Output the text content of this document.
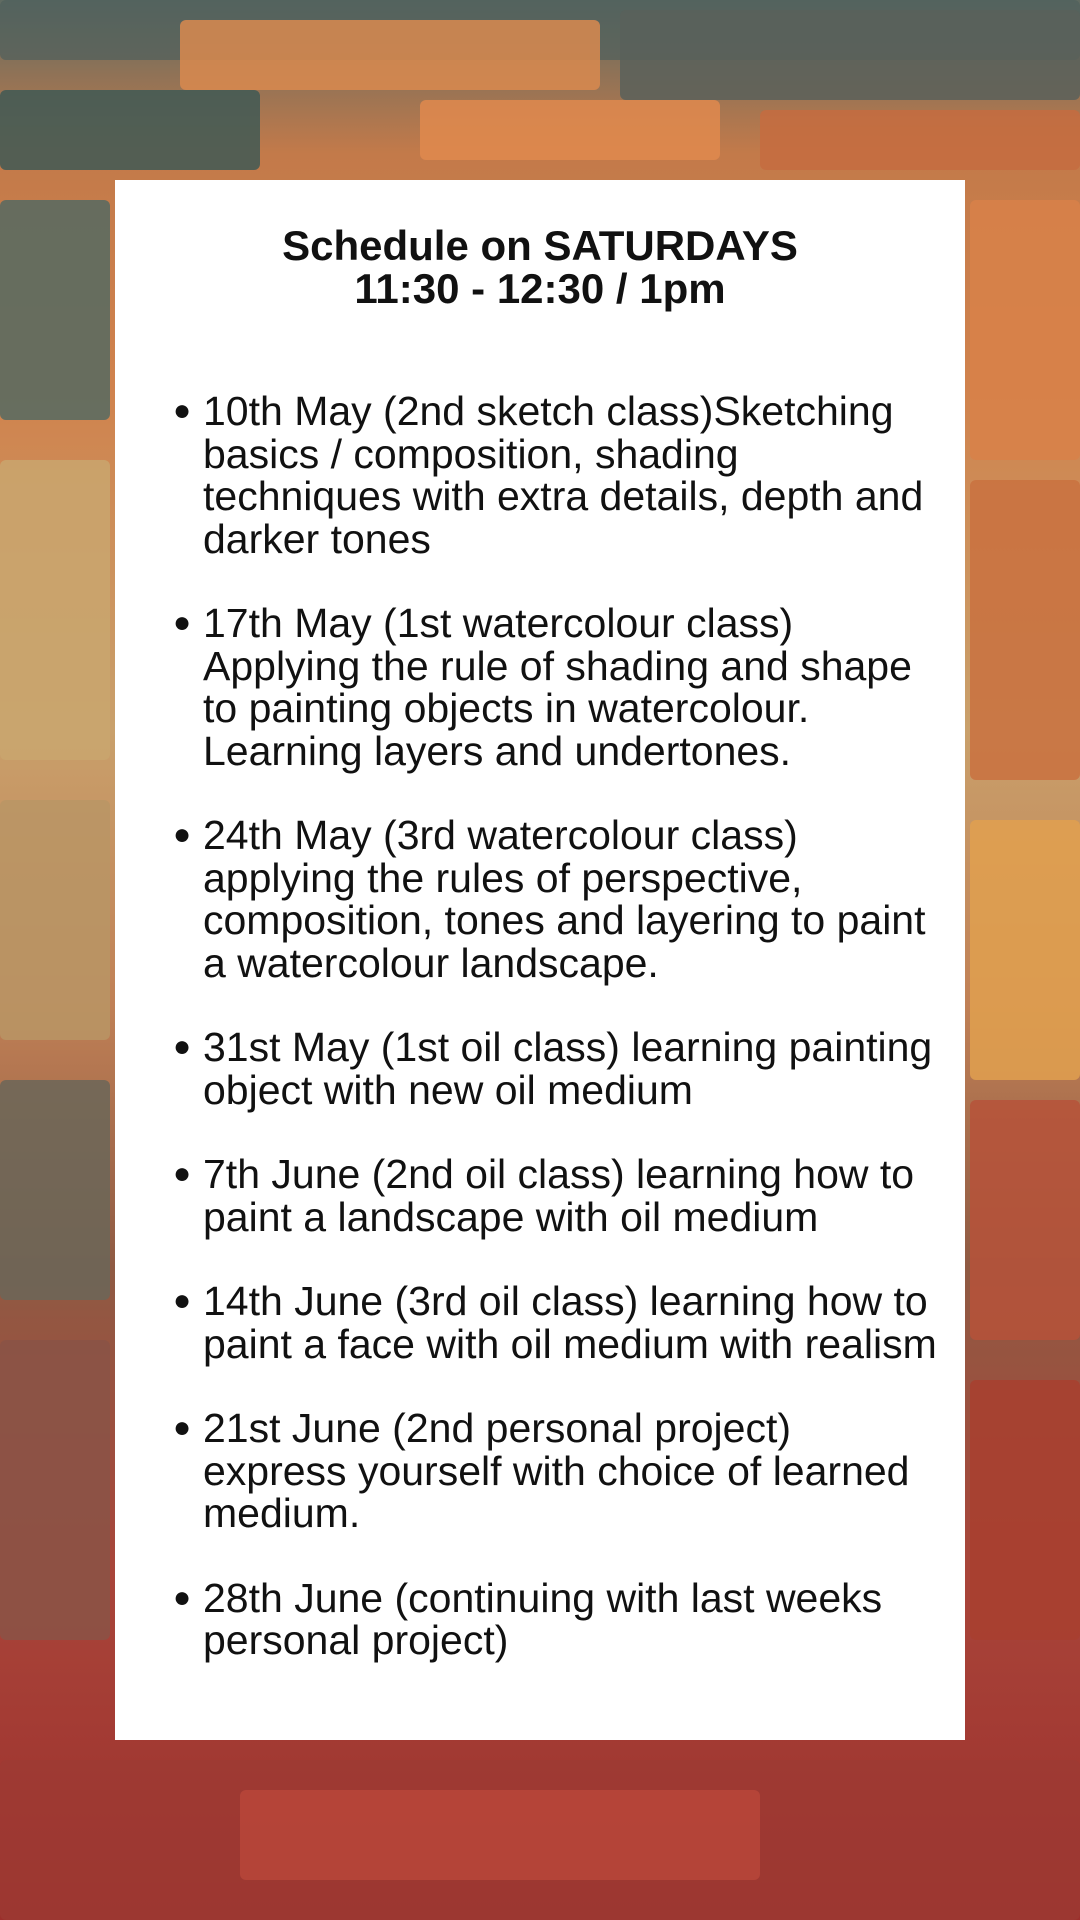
Schedule on SATURDAYS
11:30 - 12:30 / 1pm
● 10th May (2nd sketch class)Sketching basics / composition, shading techniques with extra details, depth and darker tones
● 17th May (1st watercolour class) Applying the rule of shading and shape to painting objects in watercolour. Learning layers and undertones.
● 24th May (3rd watercolour class) applying the rules of perspective, composition, tones and layering to paint a watercolour landscape.
● 31st May (1st oil class) learning painting object with new oil medium
● 7th June (2nd oil class) learning how to paint a landscape with oil medium
● 14th June (3rd oil class) learning how to paint a face with oil medium with realism
● 21st June (2nd personal project) express yourself with choice of learned medium.
● 28th June (continuing with last weeks personal project)
